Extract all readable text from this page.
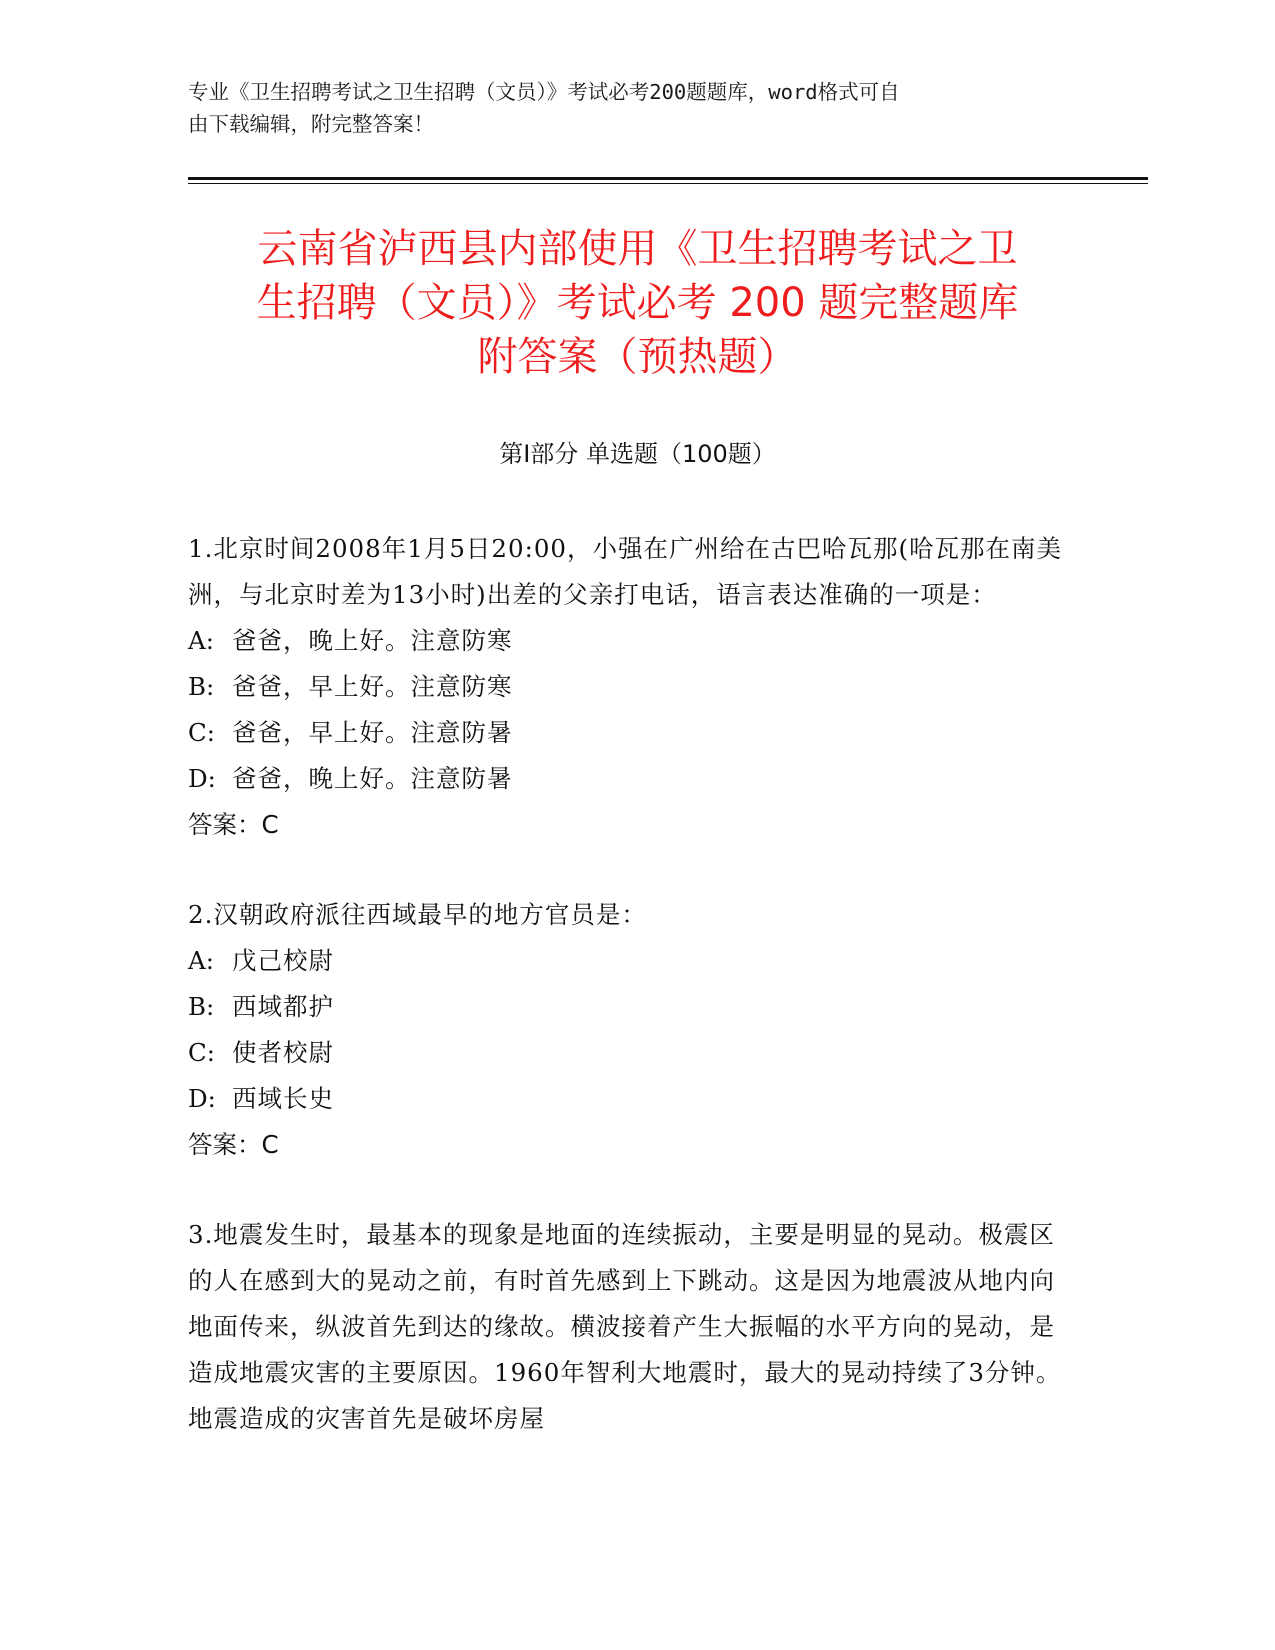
专业《卫生招聘考试之卫生招聘（文员）》考试必考200题题库，word格式可自
由下载编辑，附完整答案！
云南省泸西县内部使用《卫生招聘考试之卫
生招聘（文员）》考试必考 200 题完整题库
附答案（预热题）
第Ⅰ部分 单选题（100题）

1.北京时间2008年1月5日20:00，小强在广州给在古巴哈瓦那(哈瓦那在南美洲，与北京时差为13小时)出差的父亲打电话，语言表达准确的一项是：

A: 爸爸，晚上好。注意防寒

B: 爸爸，早上好。注意防寒

C: 爸爸，早上好。注意防暑

D: 爸爸，晚上好。注意防暑

答案：C

2.汉朝政府派往西域最早的地方官员是：

A: 戊己校尉

B: 西域都护

C: 使者校尉

D: 西域长史

答案：C

3.地震发生时，最基本的现象是地面的连续振动，主要是明显的晃动。极震区的人在感到大的晃动之前，有时首先感到上下跳动。这是因为地震波从地内向地面传来，纵波首先到达的缘故。横波接着产生大振幅的水平方向的晃动，是造成地震灾害的主要原因。1960年智利大地震时，最大的晃动持续了3分钟。地震造成的灾害首先是破坏房屋
